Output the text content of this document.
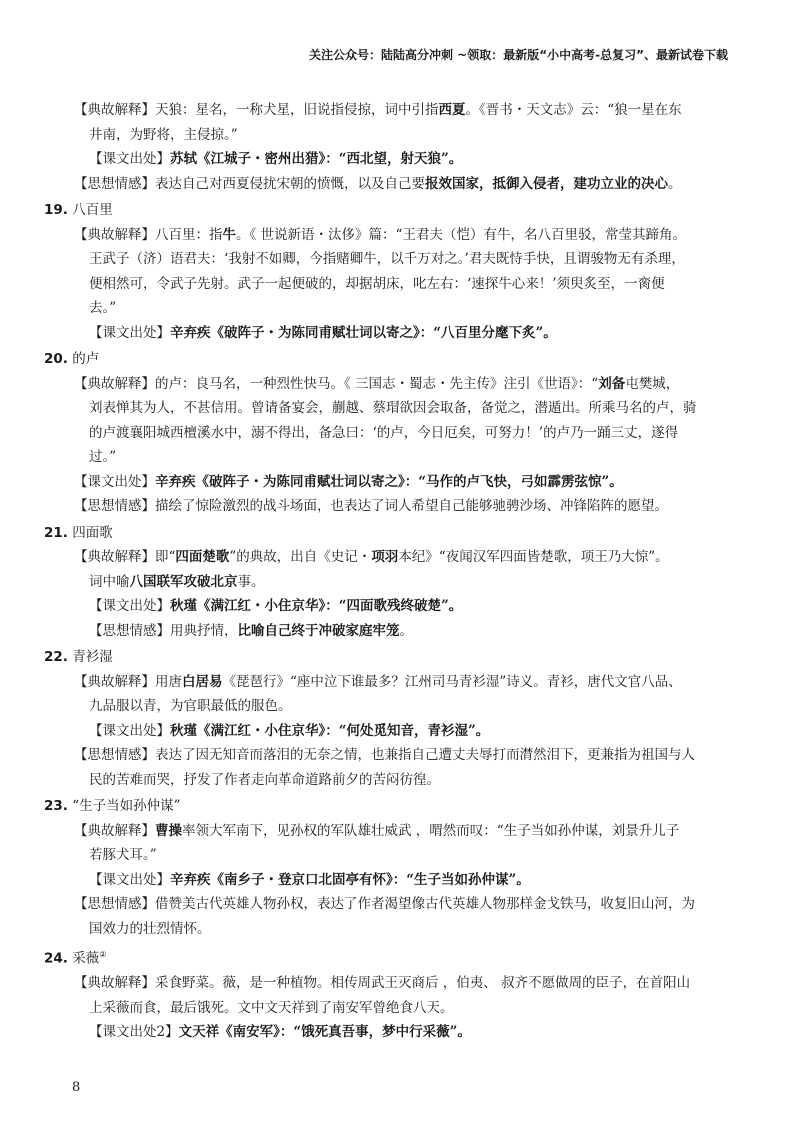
关注公众号：陆陆高分冲刺 ~领取：最新版“小中高考-总复习”、最新试卷下载
【典故解释】天狼：星名，一称犬星，旧说指侵掠，词中引指西夏。《晋书・天文志》云：“狼一星在东
井南，为野将，主侵掠。”
【课文出处】苏轼《江城子・密州出猎》：“西北望，射天狼”。
【思想情感】表达自己对西夏侵扰宋朝的愤慨，以及自己要报效国家，抵御入侵者，建功立业的决心。
19. 八百里
【典故解释】八百里：指牛。《 世说新语・汰侈》篇：“王君夫（恺）有牛，名八百里驳，常莹其蹄角。
王武子（济）语君夫：‘我射不如卿，今指赌卿牛，以千万对之。’君夫既恃手快，且谓骏物无有杀理，
便相然可，令武子先射。武子一起便破的，却据胡床，叱左右：‘速探牛心来！’须臾炙至，一脔便
去。”
【课文出处】辛弃疾《破阵子・为陈同甫赋壮词以寄之》：“八百里分麾下炙”。
20. 的卢
【典故解释】的卢：良马名，一种烈性快马。《 三国志・蜀志・先主传》注引《世语》：“刘备屯樊城，
刘表惮其为人，不甚信用。曾请备宴会，蒯越、蔡瑁欲因会取备，备觉之，潜遁出。所乘马名的卢，骑
的卢渡襄阳城西檀溪水中，溺不得出，备急曰：‘的卢，今日厄矣，可努力！’的卢乃一踊三丈，遂得
过。”
【课文出处】辛弃疾《破阵子・为陈同甫赋壮词以寄之》：“马作的卢飞快，弓如霹雳弦惊”。
【思想情感】描绘了惊险激烈的战斗场面，也表达了词人希望自己能够驰骋沙场、冲锋陷阵的愿望。
21. 四面歌
【典故解释】即“四面楚歌”的典故，出自《史记・项羽本纪》“夜闻汉军四面皆楚歌，项王乃大惊”。
词中喻八国联军攻破北京事。
【课文出处】秋瑾《满江红・小住京华》：“四面歌残终破楚”。
【思想情感】用典抒情，比喻自己终于冲破家庭牢笼。
22. 青衫湿
【典故解释】用唐白居易《琵琶行》“座中泣下谁最多？江州司马青衫湿”诗义。青衫，唐代文官八品、
九品服以青，为官职最低的服色。
【课文出处】秋瑾《满江红・小住京华》：“何处觅知音，青衫湿”。
【思想情感】表达了因无知音而落泪的无奈之情，也兼指自己遭丈夫辱打而潸然泪下，更兼指为祖国与人
民的苦难而哭，抒发了作者走向革命道路前夕的苦闷彷徨。
23. “生子当如孙仲谋”
【典故解释】曹操率领大军南下，见孙权的军队雄壮威武 ，喟然而叹：“生子当如孙仲谋，刘景升儿子
若豚犬耳。”
【课文出处】辛弃疾《南乡子・登京口北固亭有怀》：“生子当如孙仲谋”。
【思想情感】借赞美古代英雄人物孙权，表达了作者渴望像古代英雄人物那样金戈铁马，收复旧山河，为
国效力的壮烈情怀。
24. 采薇②
【典故解释】采食野菜。薇，是一种植物。相传周武王灭商后 ，伯夷、 叔齐不愿做周的臣子，在首阳山
上采薇而食，最后饿死。文中文天祥到了南安军曾绝食八天。
【课文出处2】文天祥《南安军》：“饿死真吾事，梦中行采薇”。
8
